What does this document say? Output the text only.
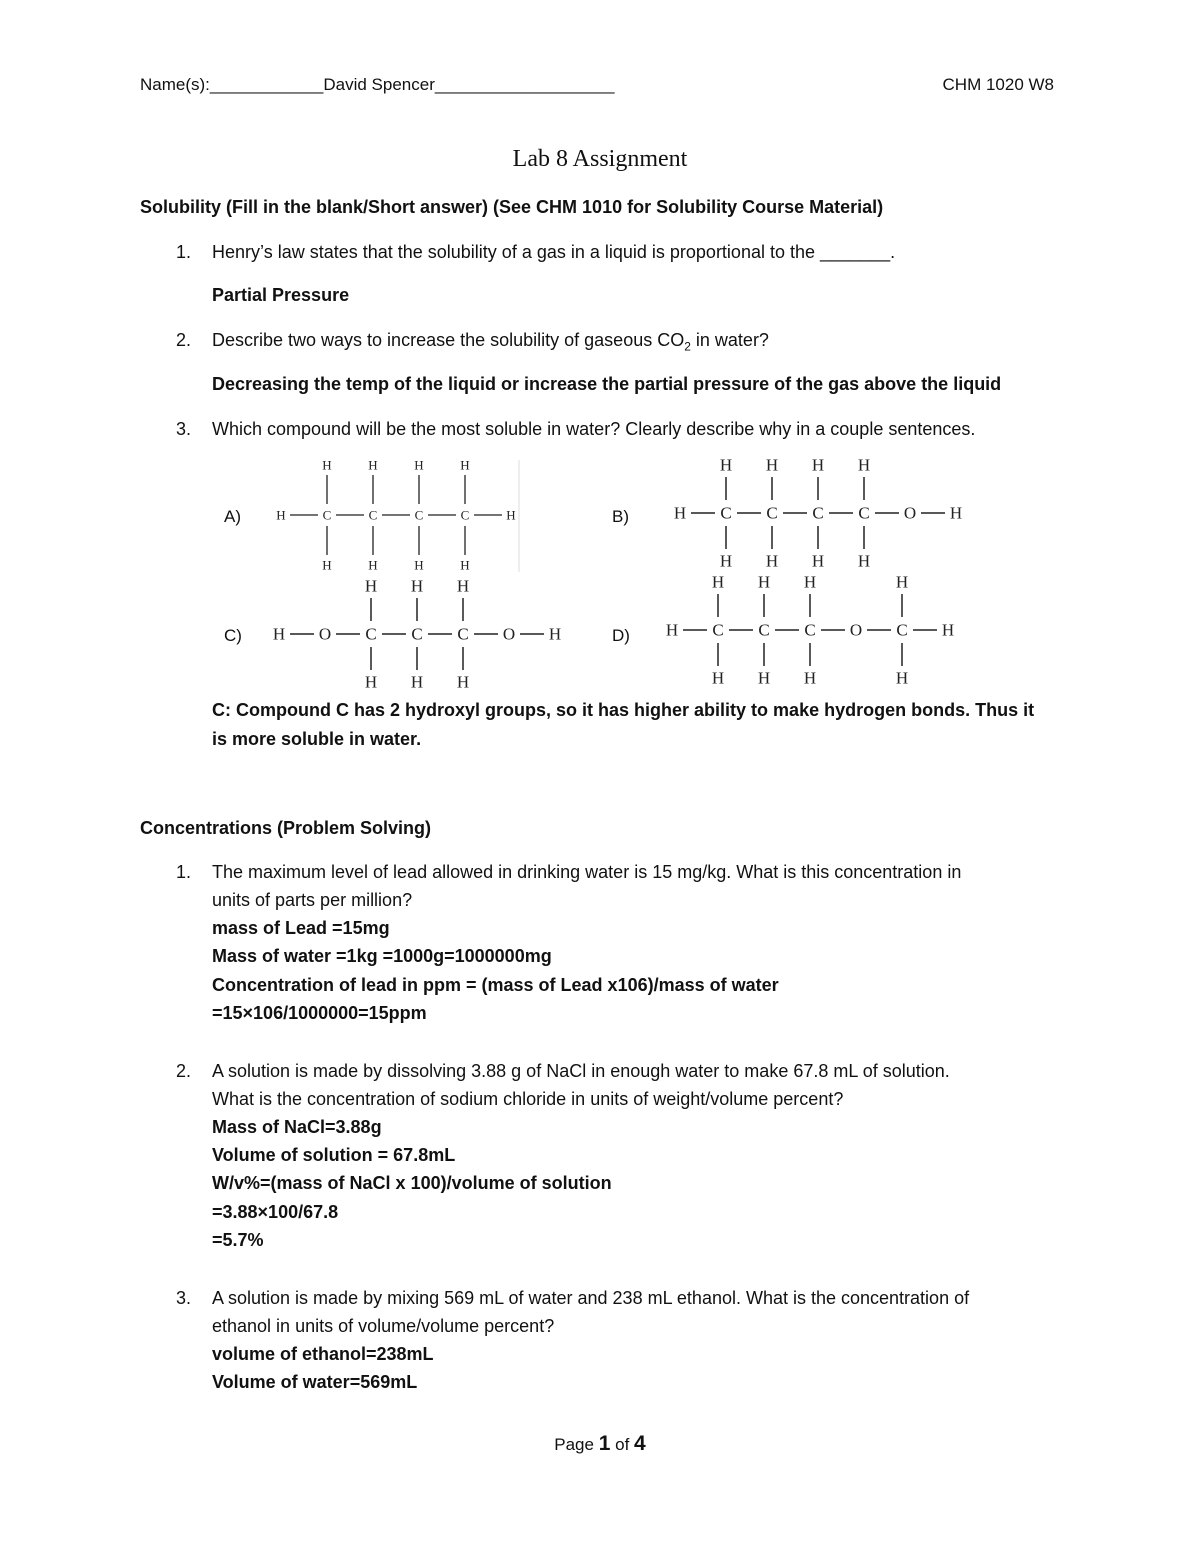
Name(s):____________David Spencer___________________	CHM 1020 W8
Lab 8 Assignment
Solubility (Fill in the blank/Short answer) (See CHM 1010 for Solubility Course Material)
1. Henry’s law states that the solubility of a gas in a liquid is proportional to the _______.
Partial Pressure
2. Describe two ways to increase the solubility of gaseous $CO_2$ in water?
Decreasing the temp of the liquid or increase the partial pressure of the gas above the liquid
3. Which compound will be the most soluble in water? Clearly describe why in a couple sentences.
A)	B)
C)	D)
H	C
H
H
C
H
H
C
H
H
C
H
H
H	H C
H
H
C
H
H
C
H
H
C
H
H
O H
H O C
H
H
C
H
H
C
H
H
O H	H C
H
H
C
H
H
C
H
H
O C
H
H
H
C: Compound C has 2 hydroxyl groups, so it has higher ability to make hydrogen bonds. Thus it
is more soluble in water.
Concentrations (Problem Solving)
1. The maximum level of lead allowed in drinking water is 15 mg/kg. What is this concentration in
units of parts per million?
mass of Lead =15mg
Mass of water =1kg =1000g=1000000mg
Concentration of lead in ppm = (mass of Lead x106)/mass of water
=15×106/1000000=15ppm
2. A solution is made by dissolving 3.88 g of NaCl in enough water to make 67.8 mL of solution.
What is the concentration of sodium chloride in units of weight/volume percent?
Mass of NaCl=3.88g
Volume of solution = 67.8mL
W/v%=(mass of NaCl x 100)/volume of solution
=3.88×100/67.8
=5.7%
3. A solution is made by mixing 569 mL of water and 238 mL ethanol. What is the concentration of
ethanol in units of volume/volume percent?
volume of ethanol=238mL
Volume of water=569mL
Page 1 of 4
